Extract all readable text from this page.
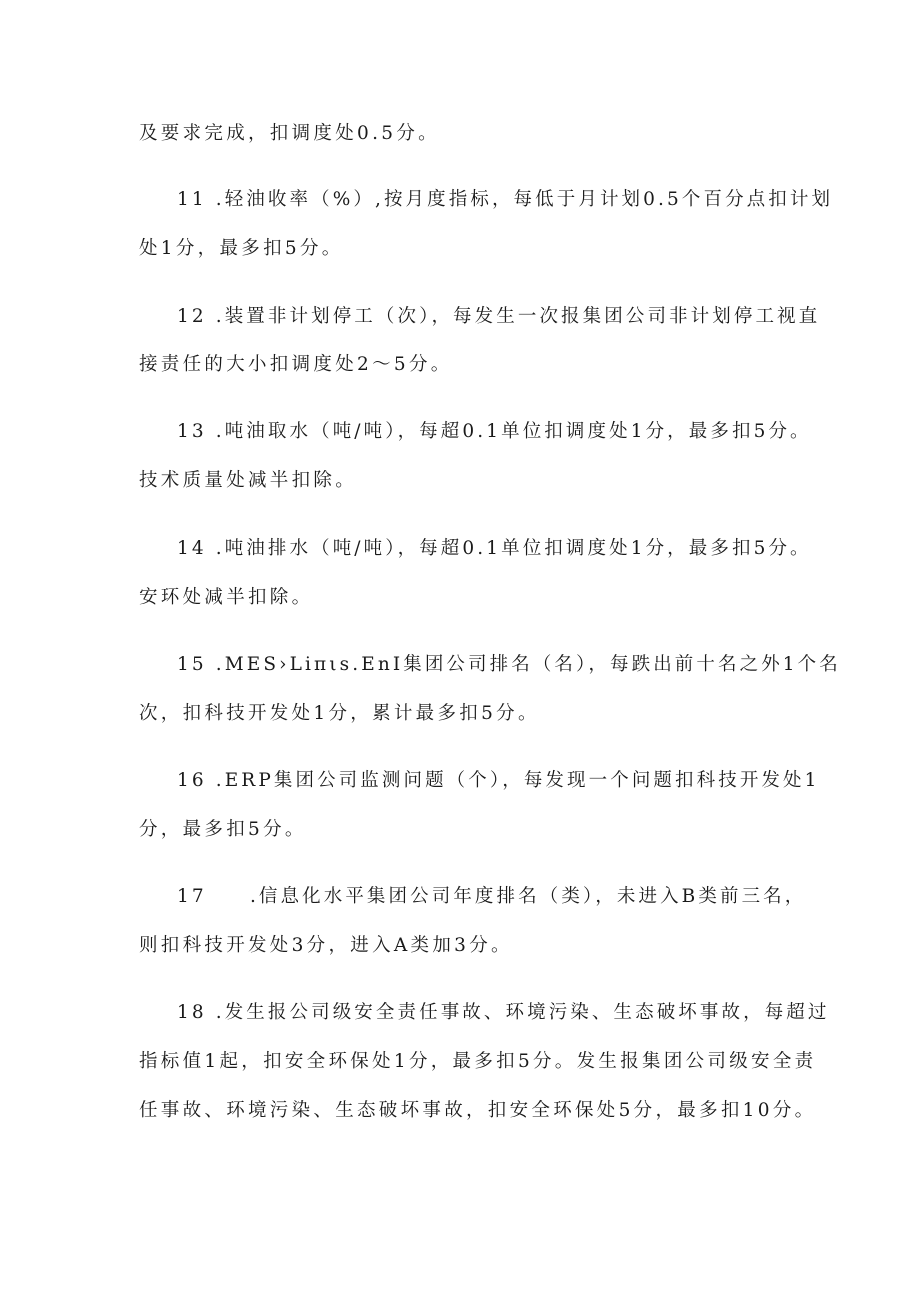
及要求完成，扣调度处0.5分。
11 .轻油收率（%）,按月度指标，每低于月计划0.5个百分点扣计划
处1分，最多扣5分。
12 .装置非计划停工（次），每发生一次报集团公司非计划停工视直
接责任的大小扣调度处2～5分。
13 .吨油取水（吨/吨），每超0.1单位扣调度处1分，最多扣5分。
技术质量处减半扣除。
14 .吨油排水（吨/吨），每超0.1单位扣调度处1分，最多扣5分。
安环处减半扣除。
15 .MES›Liπιs.EnI集团公司排名（名），每跌出前十名之外1个名
次，扣科技开发处1分，累计最多扣5分。
16 .ERP集团公司监测问题（个），每发现一个问题扣科技开发处1
分，最多扣5分。
17　　.信息化水平集团公司年度排名（类），未进入B类前三名，
则扣科技开发处3分，进入A类加3分。
18 .发生报公司级安全责任事故、环境污染、生态破坏事故，每超过
指标值1起，扣安全环保处1分，最多扣5分。发生报集团公司级安全责
任事故、环境污染、生态破坏事故，扣安全环保处5分，最多扣10分。
